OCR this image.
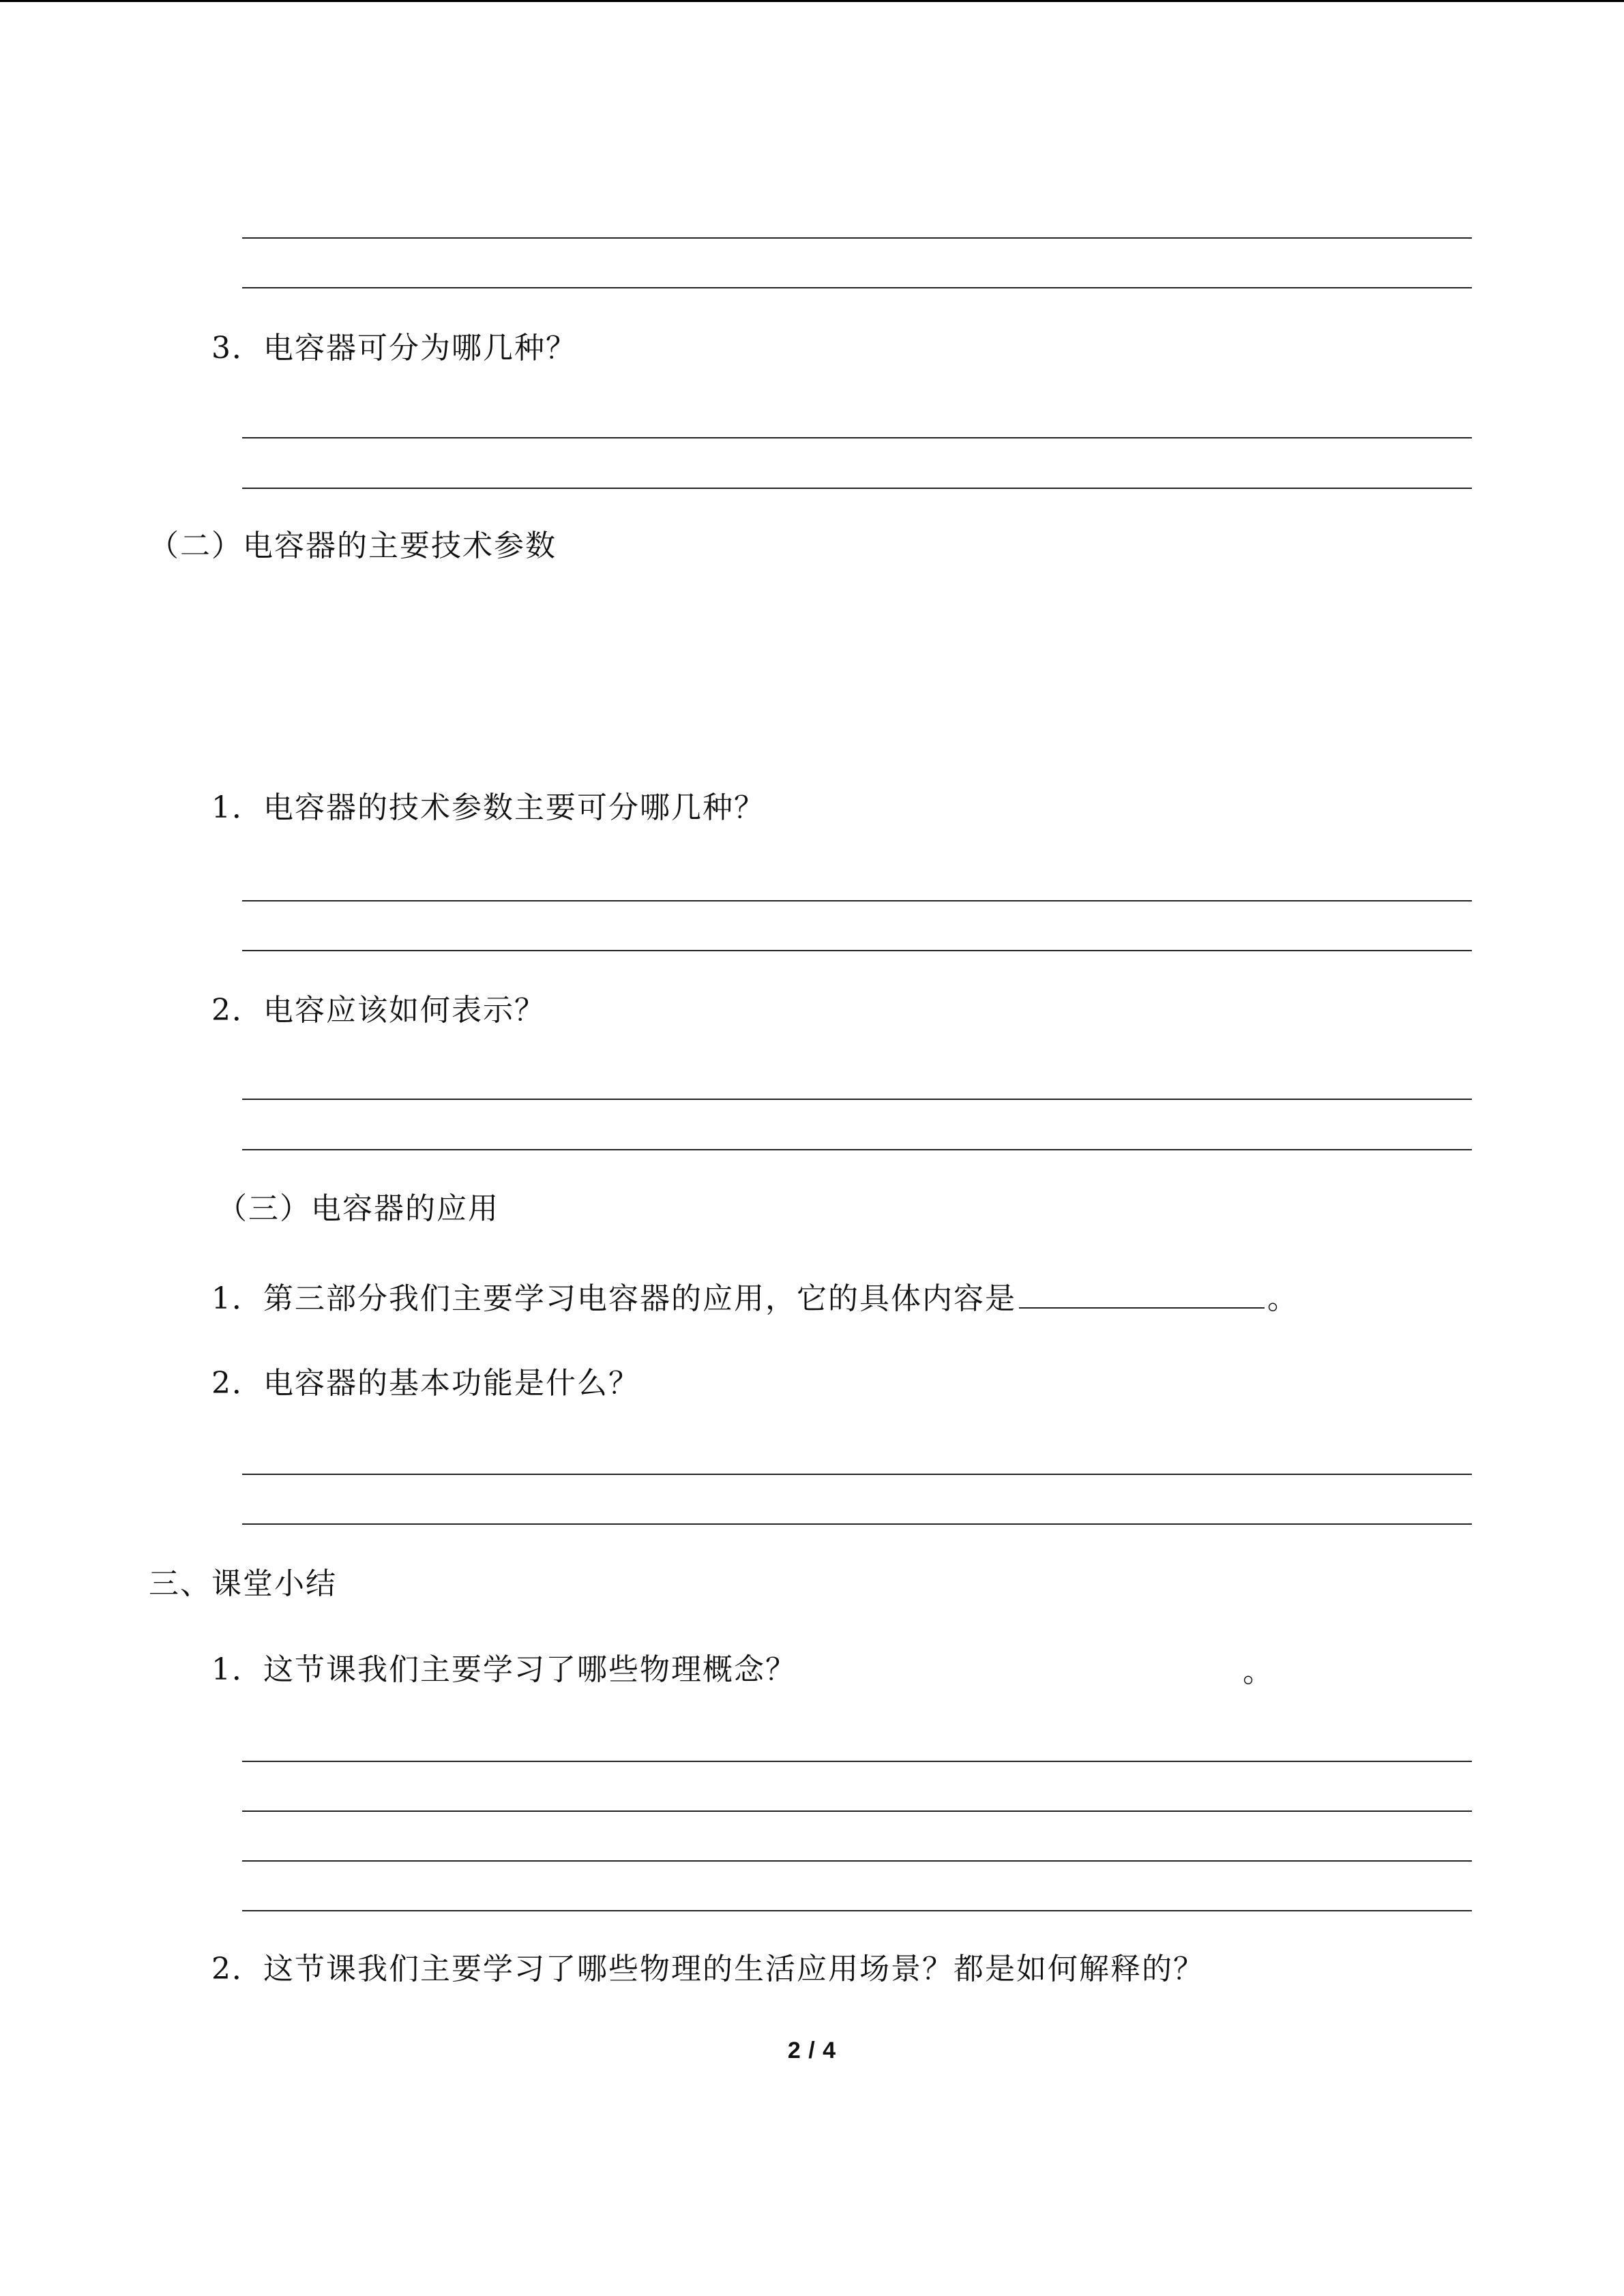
3．电容器可分为哪几种？
（二）电容器的主要技术参数
1．电容器的技术参数主要可分哪几种？
2．电容应该如何表示？
（三）电容器的应用
1．第三部分我们主要学习电容器的应用，它的具体内容是	。
2．电容器的基本功能是什么？
三、课堂小结
1．这节课我们主要学习了哪些物理概念？	。
2．这节课我们主要学习了哪些物理的生活应用场景？都是如何解释的？
2 / 4
